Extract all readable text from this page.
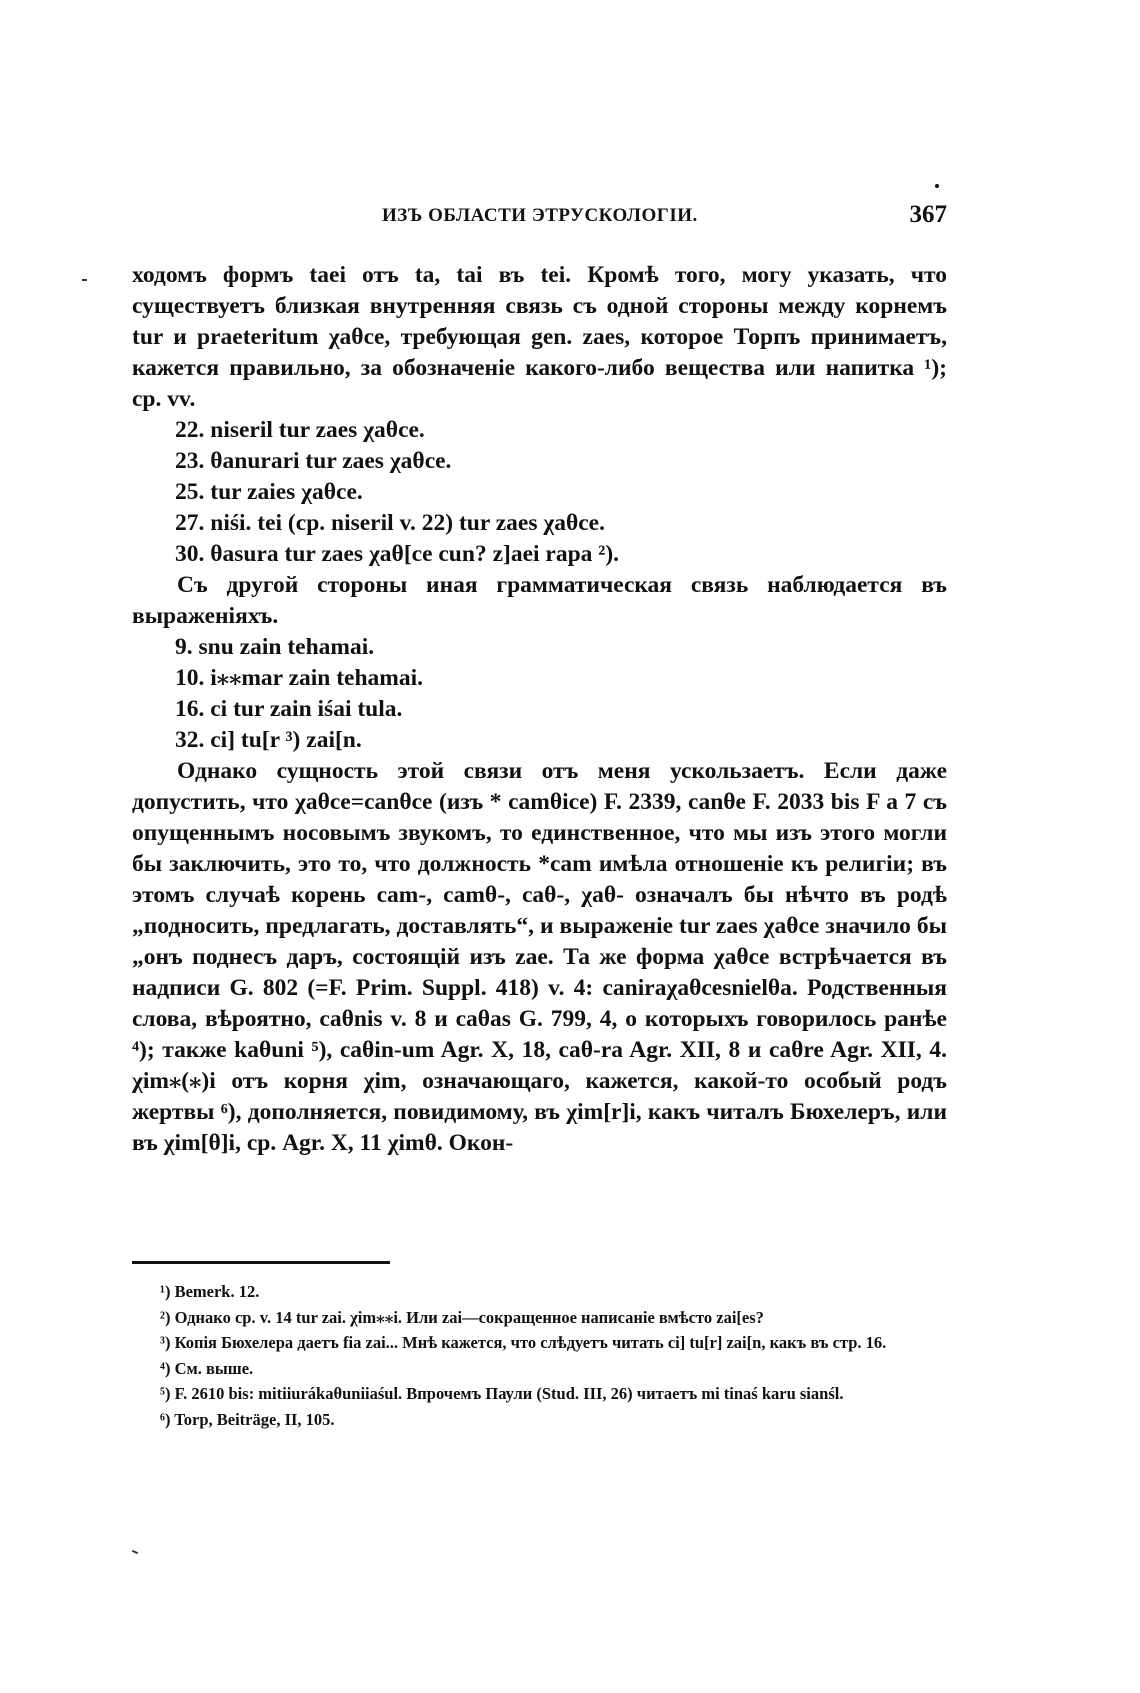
ИЗЪ ОБЛАСТИ ЭТРУСКОЛОГІИ.	367

ходомъ формъ taei отъ ta, tai въ tei. Кромѣ того, могу указать, что существуетъ близкая внутренняя связь съ одной стороны между корнемъ tur и praeteritum χaθce, требующая gen. zaes, которое Торпъ принимаетъ, кажется правильно, за обозначеніе какого-либо вещества или напитка ¹); ср. vv.

22. niseril tur zaes χaθce.

23. θanurari tur zaes χaθce.

25. tur zaies χaθce.

27. niśi. tei (cp. niseril v. 22) tur zaes χaθce.

30. θasura tur zaes χaθ[ce cun? z]aei rapa ²).

Съ другой стороны иная грамматическая связь наблюдается въ выраженіяхъ.

9. snu zain tehamai.

10. i⁎⁎mar zain tehamai.

16. ci tur zain iśai tula.

32. ci] tu[r ³) zai[n.

Однако сущность этой связи отъ меня ускользаетъ. Если даже допустить, что χaθce=canθce (изъ * camθice) F. 2339, canθe F. 2033 bis F a 7 съ опущеннымъ носовымъ звукомъ, то единственное, что мы изъ этого могли бы заключить, это то, что должность *cam имѣла отношеніе къ религіи; въ этомъ случаѣ корень cam-, camθ-, caθ-, χaθ- означалъ бы нѣчто въ родѣ „подносить, предлагать, доставлять“, и выраженіе tur zaes χaθce значило бы „онъ поднесъ даръ, состоящій изъ zae. Та же форма χaθce встрѣчается въ надписи G. 802 (=F. Prim. Suppl. 418) v. 4: caniraχaθcesnielθa. Родственныя слова, вѣроятно, caθnis v. 8 и caθas G. 799, 4, о которыхъ говорилось ранѣе ⁴); также kaθuni ⁵), caθin-um Agr. X, 18, caθ-ra Agr. XII, 8 и caθre Agr. XII, 4. χim⁎(⁎)i отъ корня χim, означающаго, кажется, какой-то особый родъ жертвы ⁶), дополняется, повидимому, въ χim[r]i, какъ читалъ Бюхелеръ, или въ χim[θ]i, ср. Agr. X, 11 χimθ. Окон-

¹) Bemerk. 12.

²) Однако ср. v. 14 tur zai. χim⁎⁎i. Или zai—сокращенное написаніе вмѣсто zai[es?

³) Копія Бюхелера даетъ fia zai... Мнѣ кажется, что слѣдуетъ читать ci] tu[r] zai[n, какъ въ стр. 16.

⁴) См. выше.

⁵) F. 2610 bis: mitiiurákaθuniiaśul. Впрочемъ Паули (Stud. III, 26) читаетъ mi tinaś karu sianśl.

⁶) Torp, Beiträge, II, 105.
